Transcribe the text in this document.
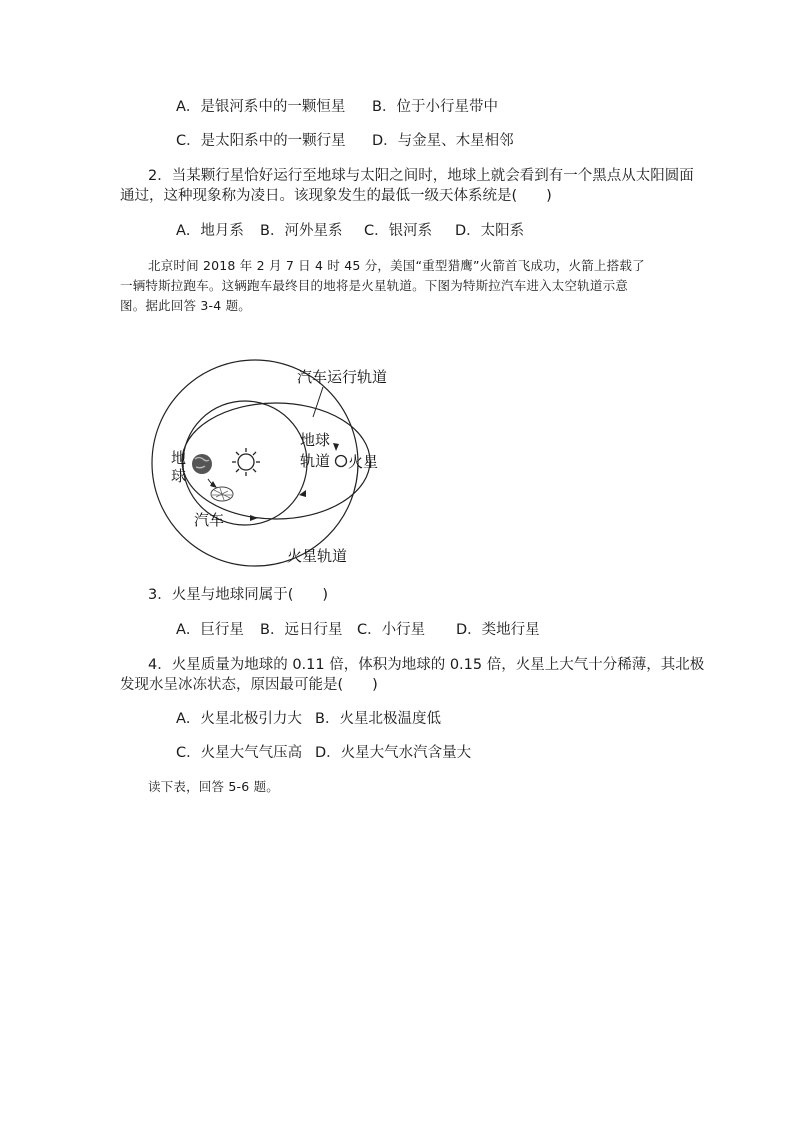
A．是银河系中的一颗恒星 B．位于小行星带中
C．是太阳系中的一颗行星 D．与金星、木星相邻
2．当某颗行星恰好运行至地球与太阳之间时，地球上就会看到有一个黑点从太阳圆面
通过，这种现象称为凌日。该现象发生的最低一级天体系统是(　　)
A．地月系 B．河外星系 C．银河系 D．太阳系
北京时间 2018 年 2 月 7 日 4 时 45 分，美国“重型猎鹰”火箭首飞成功，火箭上搭载了
一辆特斯拉跑车。这辆跑车最终目的地将是火星轨道。下图为特斯拉汽车进入太空轨道示意
图。据此回答 3-4 题。
汽车运行轨道
地球
轨道 火星
地
球
汽车
火星轨道
3．火星与地球同属于(　　)
A．巨行星 B．远日行星 C．小行星 D．类地行星
4．火星质量为地球的 0.11 倍，体积为地球的 0.15 倍，火星上大气十分稀薄，其北极
发现水呈冰冻状态，原因最可能是(　　)
A．火星北极引力大 B．火星北极温度低
C．火星大气气压高 D．火星大气水汽含量大
读下表，回答 5-6 题。
